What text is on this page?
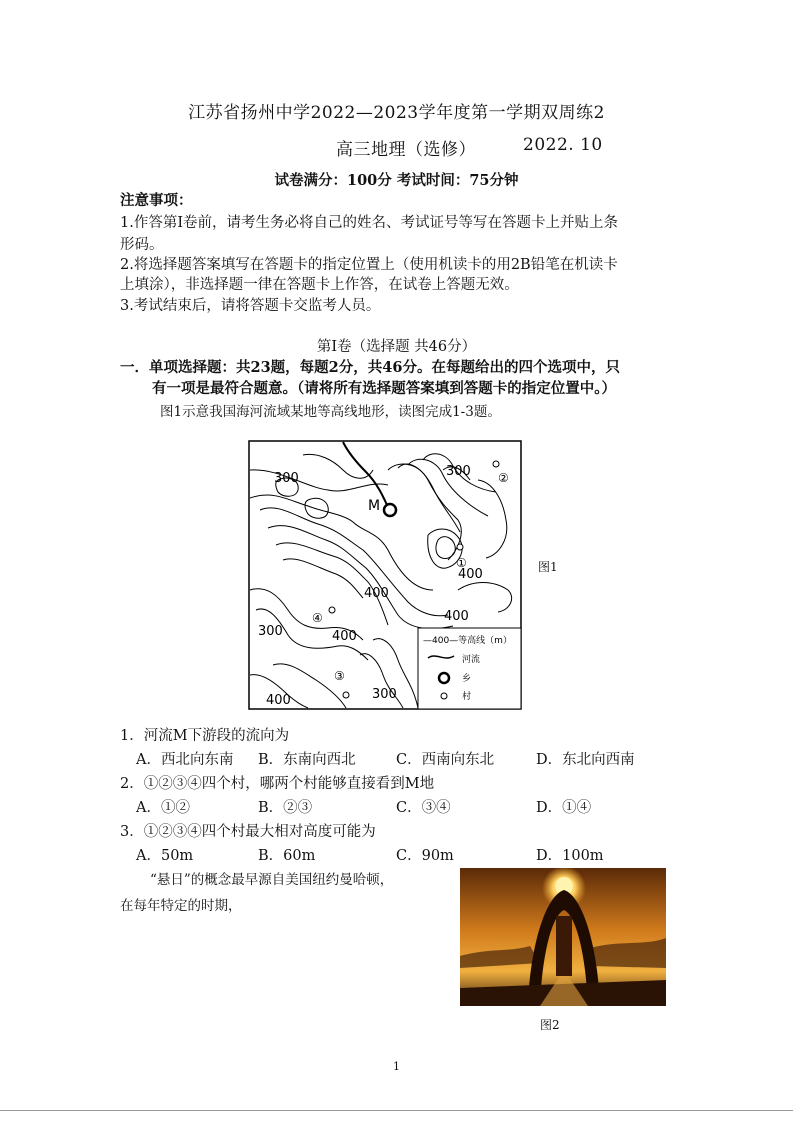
江苏省扬州中学2022—2023学年度第一学期双周练2
高三地理（选修）	2022. 10
试卷满分：100分 考试时间：75分钟
注意事项：
1.作答第Ⅰ卷前，请考生务必将自己的姓名、考试证号等写在答题卡上并贴上条
形码。
2.将选择题答案填写在答题卡的指定位置上（使用机读卡的用2B铅笔在机读卡
上填涂），非选择题一律在答题卡上作答，在试卷上答题无效。
3.考试结束后，请将答题卡交监考人员。
第Ⅰ卷（选择题 共46分）
一．单项选择题：共23题，每题2分，共46分。在每题给出的四个选项中，只
有一项是最符合题意。（请将所有选择题答案填到答题卡的指定位置中。）
图1示意我国海河流域某地等高线地形，读图完成1-3题。
300	300
400
400
400
300	400
300
400
M
①
②
③
④
—400—等高线（m）
河流
乡
村
图1
1．河流M下游段的流向为
A．西北向东南 B．东南向西北	C．西南向东北	D．东北向西南
2．①②③④四个村，哪两个村能够直接看到M地
A．①②	B．②③	C．③④	D．①④
3．①②③④四个村最大相对高度可能为
A．50m	B．60m	C．90m	D．100m
“悬日”的概念最早源自美国纽约曼哈顿，
在每年特定的时期，
图2
1
